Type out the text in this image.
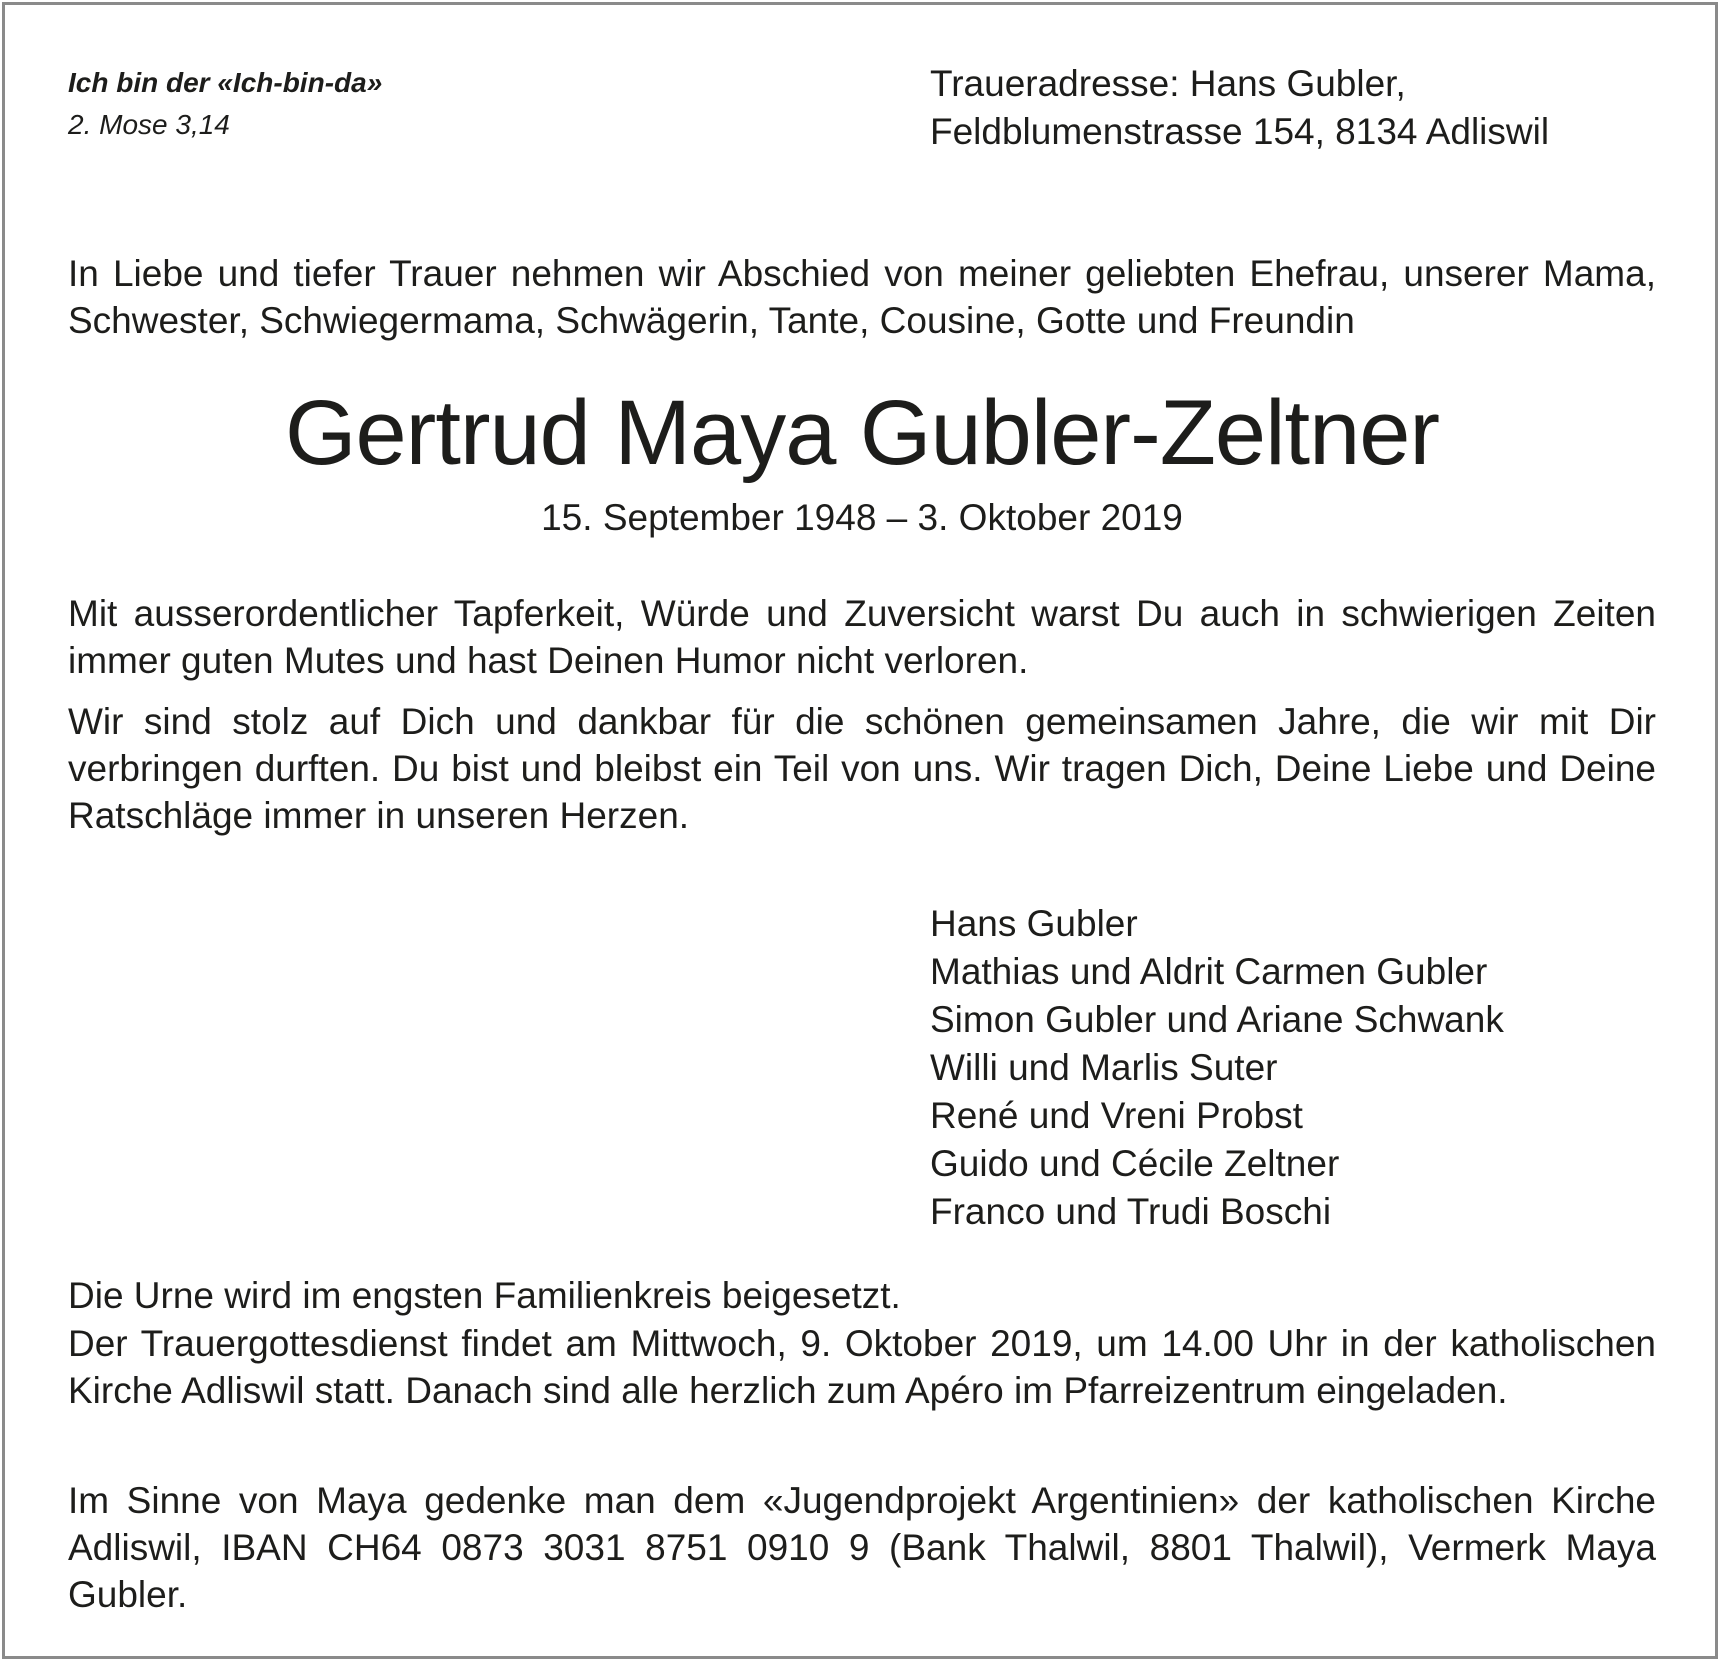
Ich bin der «Ich-bin-da»
2. Mose 3,14
Traueradresse: Hans Gubler,
Feldblumenstrasse 154, 8134 Adliswil
In Liebe und tiefer Trauer nehmen wir Abschied von meiner geliebten Ehefrau, unserer Mama, Schwester, Schwiegermama, Schwägerin, Tante, Cousine, Gotte und Freundin
Gertrud Maya Gubler-Zeltner
15. September 1948 – 3. Oktober 2019
Mit ausserordentlicher Tapferkeit, Würde und Zuversicht warst Du auch in schwierigen Zeiten immer guten Mutes und hast Deinen Humor nicht verloren.
Wir sind stolz auf Dich und dankbar für die schönen gemeinsamen Jahre, die wir mit Dir verbringen durften. Du bist und bleibst ein Teil von uns. Wir tragen Dich, Deine Liebe und Deine Ratschläge immer in unseren Herzen.
Hans Gubler
Mathias und Aldrit Carmen Gubler
Simon Gubler und Ariane Schwank
Willi und Marlis Suter
René und Vreni Probst
Guido und Cécile Zeltner
Franco und Trudi Boschi
Die Urne wird im engsten Familienkreis beigesetzt.
Der Trauergottesdienst findet am Mittwoch, 9. Oktober 2019, um 14.00 Uhr in der katholischen Kirche Adliswil statt. Danach sind alle herzlich zum Apéro im Pfarreizentrum eingeladen.
Im Sinne von Maya gedenke man dem «Jugendprojekt Argentinien» der katholischen Kirche Adliswil, IBAN CH64 0873 3031 8751 0910 9 (Bank Thalwil, 8801 Thalwil), Vermerk Maya Gubler.
